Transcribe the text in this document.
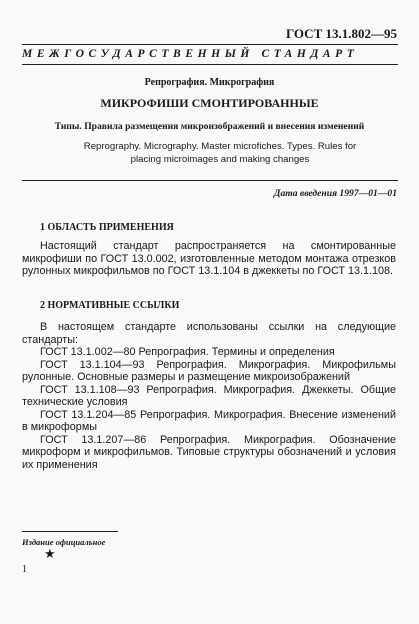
ГОСТ 13.1.802—95
МЕЖГОСУДАРСТВЕННЫЙ СТАНДАРТ
Репрография. Микрография
МИКРОФИШИ СМОНТИРОВАННЫЕ
Типы. Правила размещения микроизображений и внесения изменений
Reprography. Micrography. Master microfiches. Types. Rules for placing microimages and making changes
Дата введения 1997—01—01
1 ОБЛАСТЬ ПРИМЕНЕНИЯ

Настоящий стандарт распространяется на смонтированные микрофиши по ГОСТ 13.0.002, изготовленные методом монтажа отрезков рулонных микрофильмов по ГОСТ 13.1.104 в джеккеты по ГОСТ 13.1.108.

2 НОРМАТИВНЫЕ ССЫЛКИ

В настоящем стандарте использованы ссылки на следующие стандарты:

ГОСТ 13.1.002—80 Репрография. Термины и определения

ГОСТ 13.1.104—93 Репрография. Микрография. Микрофильмы рулонные. Основные размеры и размещение микроизображений

ГОСТ 13.1.108—93 Репрография. Микрография. Джеккеты. Общие технические условия

ГОСТ 13.1.204—85 Репрография. Микрография. Внесение изменений в микроформы

ГОСТ 13.1.207—86 Репрография. Микрография. Обозначение микроформ и микрофильмов. Типовые структуры обозначений и условия их применения

Издание официальное
★
1
